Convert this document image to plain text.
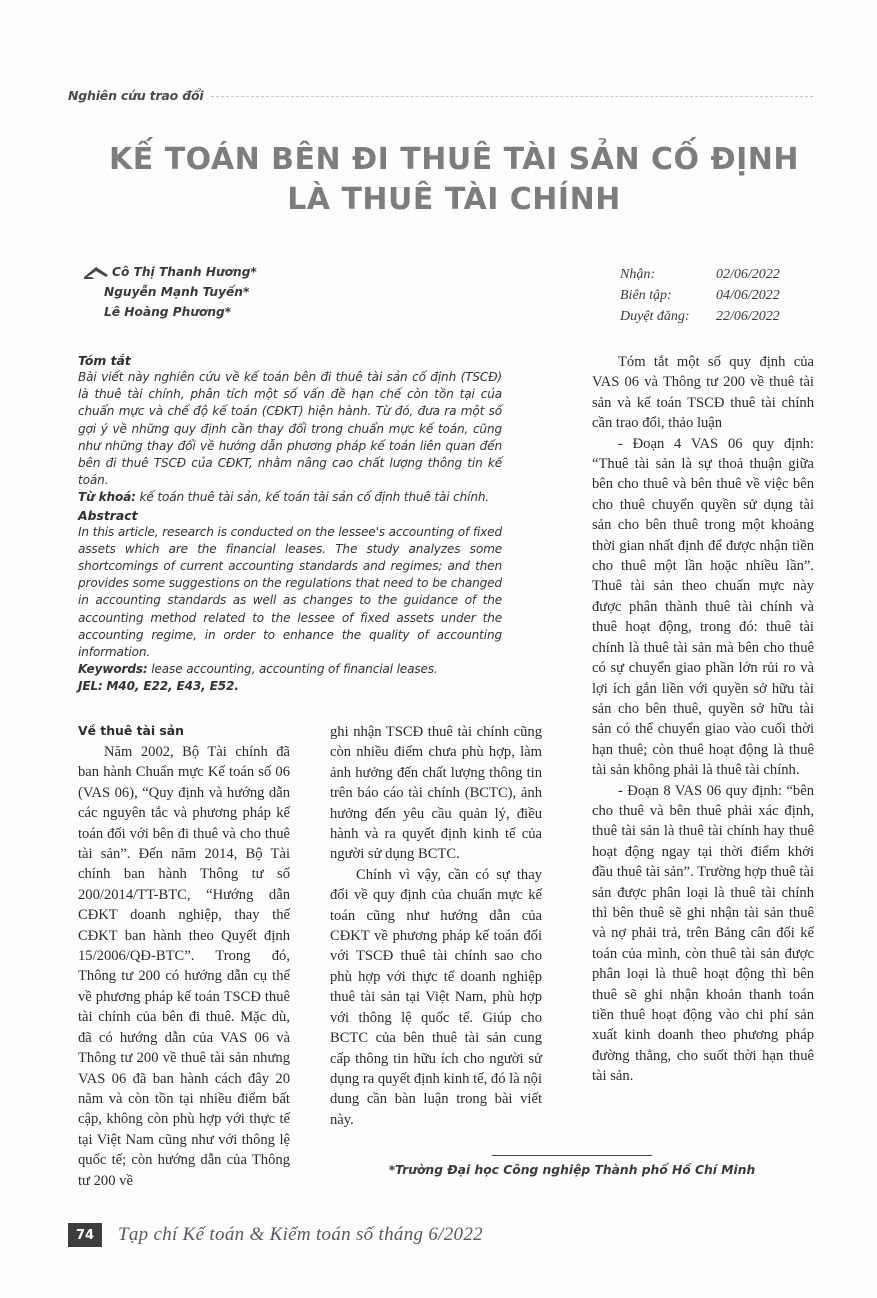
Nghiên cứu trao đổi
KẾ TOÁN BÊN ĐI THUÊ TÀI SẢN CỐ ĐỊNH
LÀ THUÊ TÀI CHÍNH
Cô Thị Thanh Hương*
Nguyễn Mạnh Tuyến*
Lê Hoàng Phương*
Nhận:	02/06/2022
Biên tập:	04/06/2022
Duyệt đăng:	22/06/2022
Tóm tắt
Bài viết này nghiên cứu về kế toán bên đi thuê tài sản cố định (TSCĐ) là thuê tài chính, phân tích một số vấn đề hạn chế còn tồn tại của chuẩn mực và chế độ kế toán (CĐKT) hiện hành. Từ đó, đưa ra một số gợi ý về những quy định cần thay đổi trong chuẩn mực kế toán, cũng như những thay đổi về hướng dẫn phương pháp kế toán liên quan đến bên đi thuê TSCĐ của CĐKT, nhằm nâng cao chất lượng thông tin kế toán.
Từ khoá: kế toán thuê tài sản, kế toán tài sản cố định thuê tài chính.
Abstract
In this article, research is conducted on the lessee's accounting of fixed assets which are the financial leases. The study analyzes some shortcomings of current accounting standards and regimes; and then provides some suggestions on the regulations that need to be changed in accounting standards as well as changes to the guidance of the accounting method related to the lessee of fixed assets under the accounting regime, in order to enhance the quality of accounting information.
Keywords: lease accounting, accounting of financial leases.
JEL: M40, E22, E43, E52.
Về thuê tài sản

Năm 2002, Bộ Tài chính đã ban hành Chuẩn mực Kế toán số 06 (VAS 06), “Quy định và hướng dẫn các nguyên tắc và phương pháp kế toán đối với bên đi thuê và cho thuê tài sản”. Đến năm 2014, Bộ Tài chính ban hành Thông tư số 200/2014/TT-BTC, “Hướng dẫn CĐKT doanh nghiệp, thay thế CĐKT ban hành theo Quyết định 15/2006/QĐ-BTC”. Trong đó, Thông tư 200 có hướng dẫn cụ thể về phương pháp kế toán TSCĐ thuê tài chính của bên đi thuê. Mặc dù, đã có hướng dẫn của VAS 06 và Thông tư 200 về thuê tài sản nhưng VAS 06 đã ban hành cách đây 20 năm và còn tồn tại nhiều điểm bất cập, không còn phù hợp với thực tế tại Việt Nam cũng như với thông lệ quốc tế; còn hướng dẫn của Thông tư 200 về

ghi nhận TSCĐ thuê tài chính cũng còn nhiều điểm chưa phù hợp, làm ảnh hưởng đến chất lượng thông tin trên báo cáo tài chính (BCTC), ảnh hưởng đến yêu cầu quản lý, điều hành và ra quyết định kinh tế của người sử dụng BCTC.

Chính vì vậy, cần có sự thay đổi về quy định của chuẩn mực kế toán cũng như hướng dẫn của CĐKT về phương pháp kế toán đối với TSCĐ thuê tài chính sao cho phù hợp với thực tế doanh nghiệp thuê tài sản tại Việt Nam, phù hợp với thông lệ quốc tế. Giúp cho BCTC của bên thuê tài sản cung cấp thông tin hữu ích cho người sử dụng ra quyết định kinh tế, đó là nội dung cần bàn luận trong bài viết này.

Tóm tắt một số quy định của VAS 06 và Thông tư 200 về thuê tài sản và kế toán TSCĐ thuê tài chính cần trao đổi, thảo luận

- Đoạn 4 VAS 06 quy định: “Thuê tài sản là sự thoả thuận giữa bên cho thuê và bên thuê về việc bên cho thuê chuyển quyền sử dụng tài sản cho bên thuê trong một khoảng thời gian nhất định để được nhận tiền cho thuê một lần hoặc nhiều lần”. Thuê tài sản theo chuẩn mực này được phân thành thuê tài chính và thuê hoạt động, trong đó: thuê tài chính là thuê tài sản mà bên cho thuê có sự chuyển giao phần lớn rủi ro và lợi ích gắn liền với quyền sở hữu tài sản cho bên thuê, quyền sở hữu tài sản có thể chuyển giao vào cuối thời hạn thuê; còn thuê hoạt động là thuê tài sản không phải là thuê tài chính.

- Đoạn 8 VAS 06 quy định: “bên cho thuê và bên thuê phải xác định, thuê tài sản là thuê tài chính hay thuê hoạt động ngay tại thời điểm khởi đầu thuê tài sản”. Trường hợp thuê tài sản được phân loại là thuê tài chính thì bên thuê sẽ ghi nhận tài sản thuê và nợ phải trả, trên Bảng cân đối kế toán của mình, còn thuê tài sản được phân loại là thuê hoạt động thì bên thuê sẽ ghi nhận khoản thanh toán tiền thuê hoạt động vào chi phí sản xuất kinh doanh theo phương pháp đường thẳng, cho suốt thời hạn thuê tài sản.

*Trường Đại học Công nghiệp Thành phố Hồ Chí Minh
74	Tạp chí Kế toán & Kiểm toán số tháng 6/2022
